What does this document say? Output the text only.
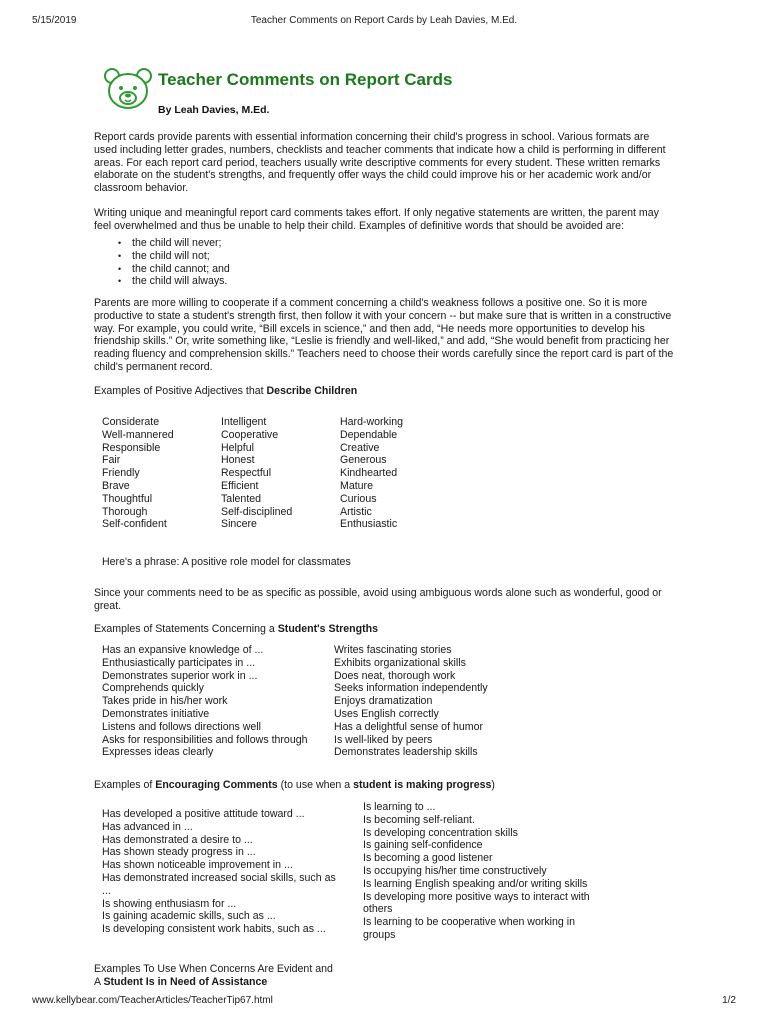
5/15/2019	Teacher Comments on Report Cards by Leah Davies, M.Ed.
Teacher Comments on Report Cards
By Leah Davies, M.Ed.

Report cards provide parents with essential information concerning their child's progress in school. Various formats are used including letter grades, numbers, checklists and teacher comments that indicate how a child is performing in different areas. For each report card period, teachers usually write descriptive comments for every student. These written remarks elaborate on the student's strengths, and frequently offer ways the child could improve his or her academic work and/or classroom behavior.

Writing unique and meaningful report card comments takes effort. If only negative statements are written, the parent may feel overwhelmed and thus be unable to help their child. Examples of definitive words that should be avoided are:

• the child will never;
• the child will not;
• the child cannot; and
• the child will always.

Parents are more willing to cooperate if a comment concerning a child's weakness follows a positive one. So it is more productive to state a student's strength first, then follow it with your concern -- but make sure that is written in a constructive way. For example, you could write, “Bill excels in science,” and then add, “He needs more opportunities to develop his friendship skills.” Or, write something like, “Leslie is friendly and well-liked,” and add, “She would benefit from practicing her reading fluency and comprehension skills.” Teachers need to choose their words carefully since the report card is part of the child's permanent record.

Examples of Positive Adjectives that Describe Children
Considerate
Well-mannered
Responsible
Fair
Friendly
Brave
Thoughtful
Thorough
Self-confident
Intelligent
Cooperative
Helpful
Honest
Respectful
Efficient
Talented
Self-disciplined
Sincere
Hard-working
Dependable
Creative
Generous
Kindhearted
Mature
Curious
Artistic
Enthusiastic
Here's a phrase: A positive role model for classmates

Since your comments need to be as specific as possible, avoid using ambiguous words alone such as wonderful, good or great.

Examples of Statements Concerning a Student's Strengths
Has an expansive knowledge of ...
Enthusiastically participates in ...
Demonstrates superior work in ...
Comprehends quickly
Takes pride in his/her work
Demonstrates initiative
Listens and follows directions well
Asks for responsibilities and follows through
Expresses ideas clearly
Writes fascinating stories
Exhibits organizational skills
Does neat, thorough work
Seeks information independently
Enjoys dramatization
Uses English correctly
Has a delightful sense of humor
Is well-liked by peers
Demonstrates leadership skills
Examples of Encouraging Comments (to use when a student is making progress)
Has developed a positive attitude toward ...
Has advanced in ...
Has demonstrated a desire to ...
Has shown steady progress in ...
Has shown noticeable improvement in ...
Has demonstrated increased social skills, such as ...
Is showing enthusiasm for ...
Is gaining academic skills, such as ...
Is developing consistent work habits, such as ...
Is learning to ...
Is becoming self-reliant.
Is developing concentration skills
Is gaining self-confidence
Is becoming a good listener
Is occupying his/her time constructively
Is learning English speaking and/or writing skills
Is developing more positive ways to interact with others
Is learning to be cooperative when working in groups
Examples To Use When Concerns Are Evident and
A Student Is in Need of Assistance
www.kellybear.com/TeacherArticles/TeacherTip67.html	1/2
